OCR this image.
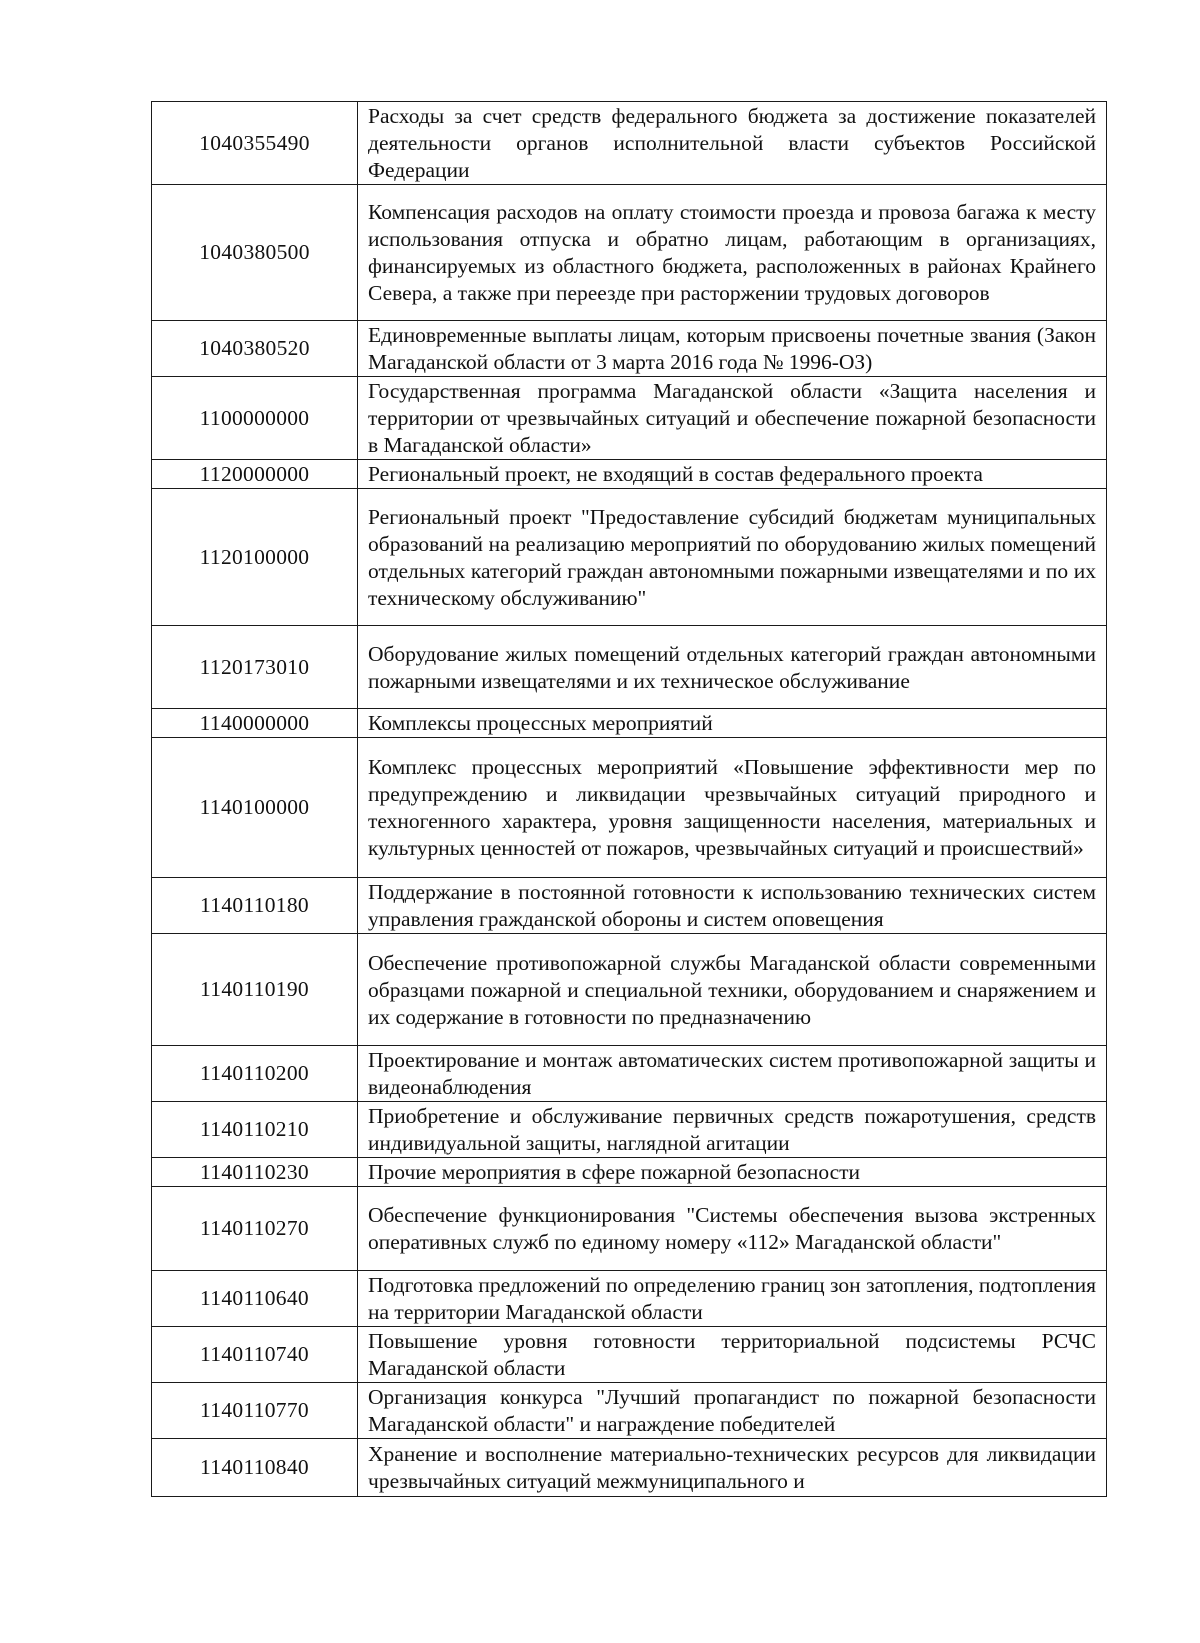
1040355490	Расходы за счет средств федерального бюджета за достижение показателей деятельности органов исполнительной власти субъектов Российской Федерации
1040380500	Компенсация расходов на оплату стоимости проезда и провоза багажа к месту использования отпуска и обратно лицам, работающим в организациях, финансируемых из областного бюджета, расположенных в районах Крайнего Севера, а также при переезде при расторжении трудовых договоров
1040380520	Единовременные выплаты лицам, которым присвоены почетные звания (Закон Магаданской области от 3 марта 2016 года № 1996-ОЗ)
1100000000	Государственная программа Магаданской области «Защита населения и территории от чрезвычайных ситуаций и обеспечение пожарной безопасности в Магаданской области»
1120000000	Региональный проект, не входящий в состав федерального проекта
1120100000	Региональный проект "Предоставление субсидий бюджетам муниципальных образований на реализацию мероприятий по оборудованию жилых помещений отдельных категорий граждан автономными пожарными извещателями и по их техническому обслуживанию"
1120173010	Оборудование жилых помещений отдельных категорий граждан автономными пожарными извещателями и их техническое обслуживание
1140000000	Комплексы процессных мероприятий
1140100000	Комплекс процессных мероприятий «Повышение эффективности мер по предупреждению и ликвидации чрезвычайных ситуаций природного и техногенного характера, уровня защищенности населения, материальных и культурных ценностей от пожаров, чрезвычайных ситуаций и происшествий»
1140110180	Поддержание в постоянной готовности к использованию технических систем управления гражданской обороны и систем оповещения
1140110190	Обеспечение противопожарной службы Магаданской области современными образцами пожарной и специальной техники, оборудованием и снаряжением и их содержание в готовности по предназначению
1140110200	Проектирование и монтаж автоматических систем противопожарной защиты и видеонаблюдения
1140110210	Приобретение и обслуживание первичных средств пожаротушения, средств индивидуальной защиты, наглядной агитации
1140110230	Прочие мероприятия в сфере пожарной безопасности
1140110270	Обеспечение функционирования "Системы обеспечения вызова экстренных оперативных служб по единому номеру «112» Магаданской области"
1140110640	Подготовка предложений по определению границ зон затопления, подтопления на территории Магаданской области
1140110740	Повышение уровня готовности территориальной подсистемы РСЧС Магаданской области
1140110770	Организация конкурса "Лучший пропагандист по пожарной безопасности Магаданской области" и награждение победителей
1140110840	Хранение и восполнение материально-технических ресурсов для ликвидации чрезвычайных ситуаций межмуниципального и
